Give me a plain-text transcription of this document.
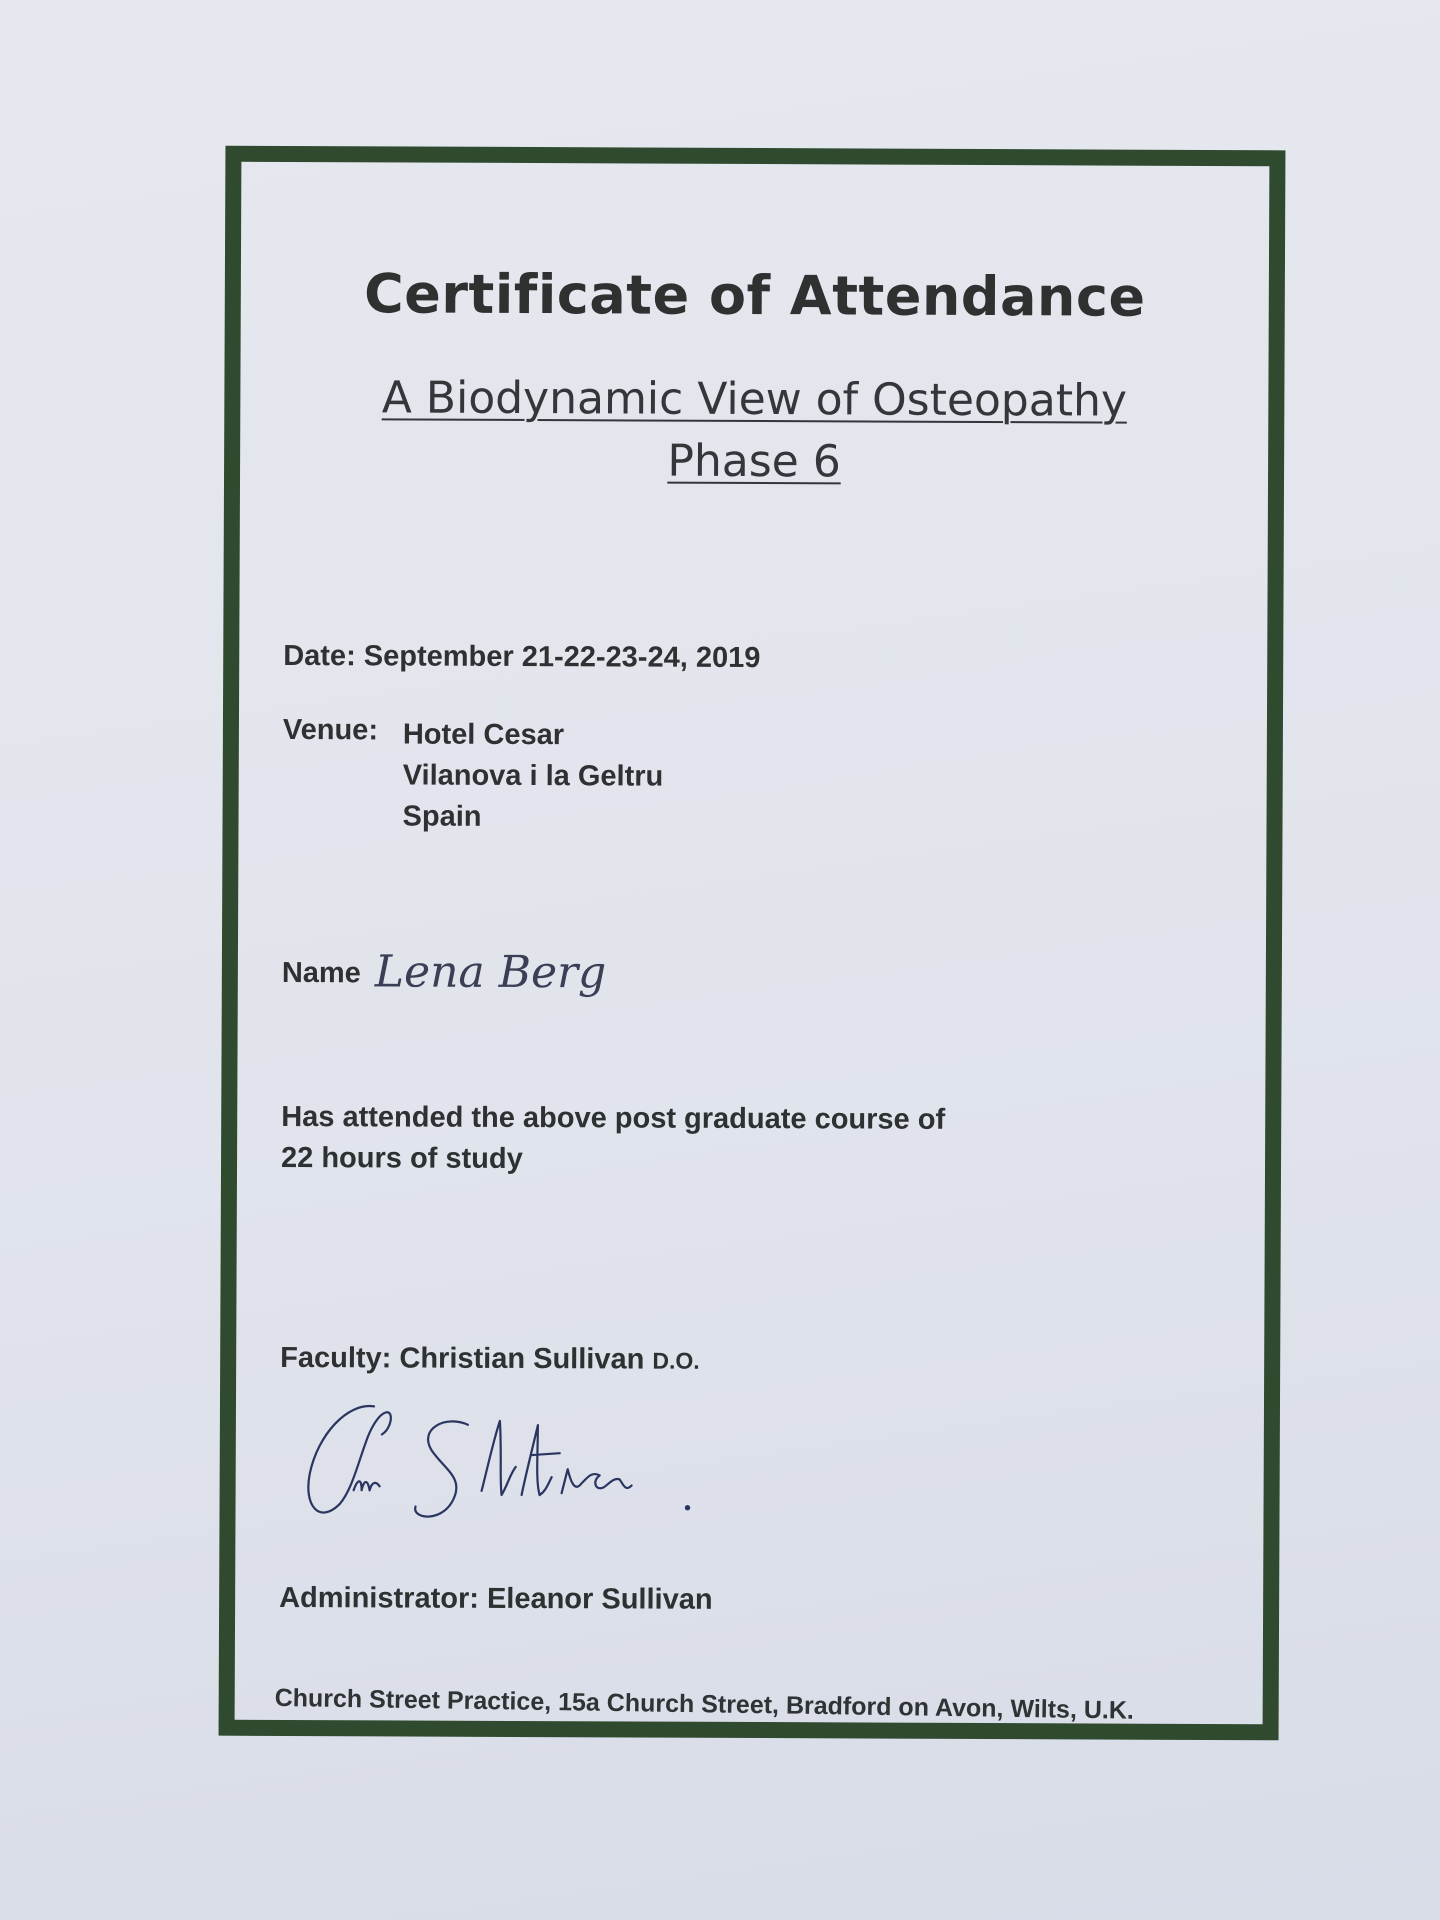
Certificate of Attendance

A Biodynamic View of Osteopathy

Phase 6

Date: September 21-22-23-24, 2019
Venue: Hotel Cesar
Vilanova i la Geltru
Spain
Name Lena Berg
Has attended the above post graduate course of
22 hours of study
Faculty: Christian Sullivan D.O.
Administrator: Eleanor Sullivan
Church Street Practice, 15a Church Street, Bradford on Avon, Wilts, U.K.
